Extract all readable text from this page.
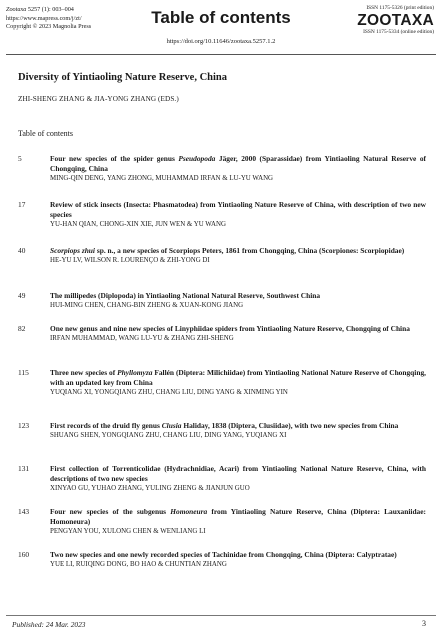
Zootaxa 5257 (1): 003–004
https://www.mapress.com/j/zt/
Copyright © 2023 Magnolia Press	Table of contents
https://doi.org/10.11646/zootaxa.5257.1.2
ISSN 1175-5326 (print edition)
ZOOTAXA
ISSN 1175-5334 (online edition)
Diversity of Yintiaoling Nature Reserve, China
ZHI-SHENG ZHANG & JIA-YONG ZHANG (EDS.)
Table of contents
5	Four new species of the spider genus Pseudopoda Jäger, 2000 (Sparassidae) from Yintiaoling Natural Reserve of Chongqing, China
MING-QIN DENG, YANG ZHONG, MUHAMMAD IRFAN & LU-YU WANG
17	Review of stick insects (Insecta: Phasmatodea) from Yintiaoling Nature Reserve of China, with description of two new species
YU-HAN QIAN, CHONG-XIN XIE, JUN WEN & YU WANG
40	Scorpiops zhui sp. n., a new species of Scorpiops Peters, 1861 from Chongqing, China (Scorpiones: Scorpiopidae)
HE-YU LV, WILSON R. LOURENÇO & ZHI-YONG DI
49	The millipedes (Diplopoda) in Yintiaoling National Natural Reserve, Southwest China
HUI-MING CHEN, CHANG-BIN ZHENG & XUAN-KONG JIANG
82	One new genus and nine new species of Linyphiidae spiders from Yintiaoling Nature Reserve, Chongqing of China
IRFAN MUHAMMAD, WANG LU-YU & ZHANG ZHI-SHENG
115	Three new species of Phyllomyza Fallén (Diptera: Milichiidae) from Yintiaoling National Nature Reserve of Chongqing, with an updated key from China
YUQIANG XI, YONGQIANG ZHU, CHANG LIU, DING YANG & XINMING YIN
123	First records of the druid fly genus Clusia Haliday, 1838 (Diptera, Clusiidae), with two new species from China
SHUANG SHEN, YONGQIANG ZHU, CHANG LIU, DING YANG, YUQIANG XI
131	First collection of Torrenticolidae (Hydrachnidiae, Acari) from Yintiaoling National Nature Reserve, China, with descriptions of two new species
XINYAO GU, YUHAO ZHANG, YULING ZHENG & JIANJUN GUO
143	Four new species of the subgenus Homoneura from Yintiaoling Nature Reserve, China (Diptera: Lauxaniidae: Homoneura)
PENGYAN YOU, XULONG CHEN & WENLIANG LI
160	Two new species and one newly recorded species of Tachinidae from Chongqing, China (Diptera: Calyptratae)
YUE LI, RUIQING DONG, BO HAO & CHUNTIAN ZHANG
Published: 24 Mar. 2023	3
